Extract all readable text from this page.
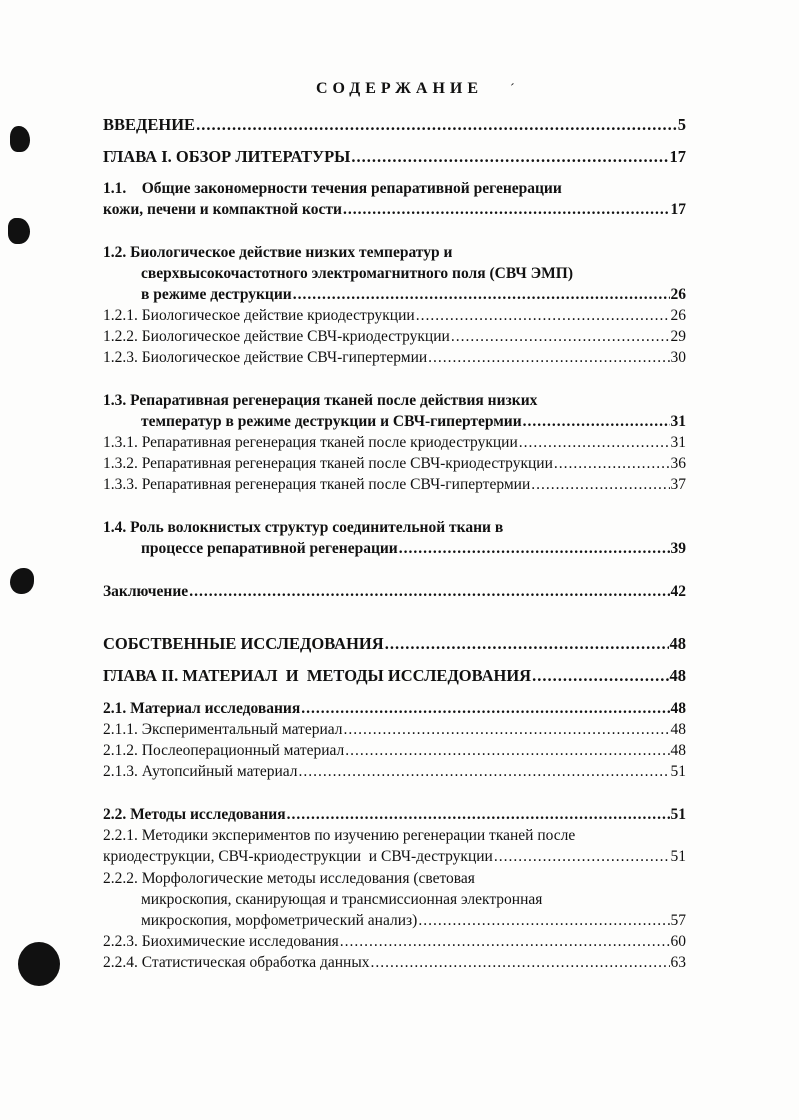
СОДЕРЖАНИЕ ´
ВВЕДЕНИЕ .....	5
ГЛАВА I. ОБЗОР ЛИТЕРАТУРЫ .....	17
1.1.    Общие закономерности течения репаративной регенерации
кожи, печени и компактной кости .....	17
1.2. Биологическое действие низких температур и
сверхвысокочастотного электромагнитного поля (СВЧ ЭМП)
в режиме деструкции .....	26
1.2.1. Биологическое действие криодеструкции .....	26
1.2.2. Биологическое действие СВЧ-криодеструкции .....	29
1.2.3. Биологическое действие СВЧ-гипертермии .....	30
1.3. Репаративная регенерация тканей после действия низких
температур в режиме деструкции и СВЧ-гипертермии .....	31
1.3.1. Репаративная регенерация тканей после криодеструкции .....	31
1.3.2. Репаративная регенерация тканей после СВЧ-криодеструкции .....	36
1.3.3. Репаративная регенерация тканей после СВЧ-гипертермии .....	37
1.4. Роль волокнистых структур соединительной ткани в
процессе репаративной регенерации .....	39
Заключение .....	42
СОБСТВЕННЫЕ ИССЛЕДОВАНИЯ .....	48
ГЛАВА II. МАТЕРИАЛ  И  МЕТОДЫ ИССЛЕДОВАНИЯ .....	48
2.1. Материал исследования .....	48
2.1.1. Экспериментальный материал .....	48
2.1.2. Послеоперационный материал .....	48
2.1.3. Аутопсийный материал .....	51
2.2. Методы исследования .....	51
2.2.1. Методики экспериментов по изучению регенерации тканей после
криодеструкции, СВЧ-криодеструкции  и СВЧ-деструкции .....	51
2.2.2. Морфологические методы исследования (световая
микроскопия, сканирующая и трансмиссионная электронная
микроскопия, морфометрический анализ) .....	57
2.2.3. Биохимические исследования .....	60
2.2.4. Статистическая обработка данных .....	63
